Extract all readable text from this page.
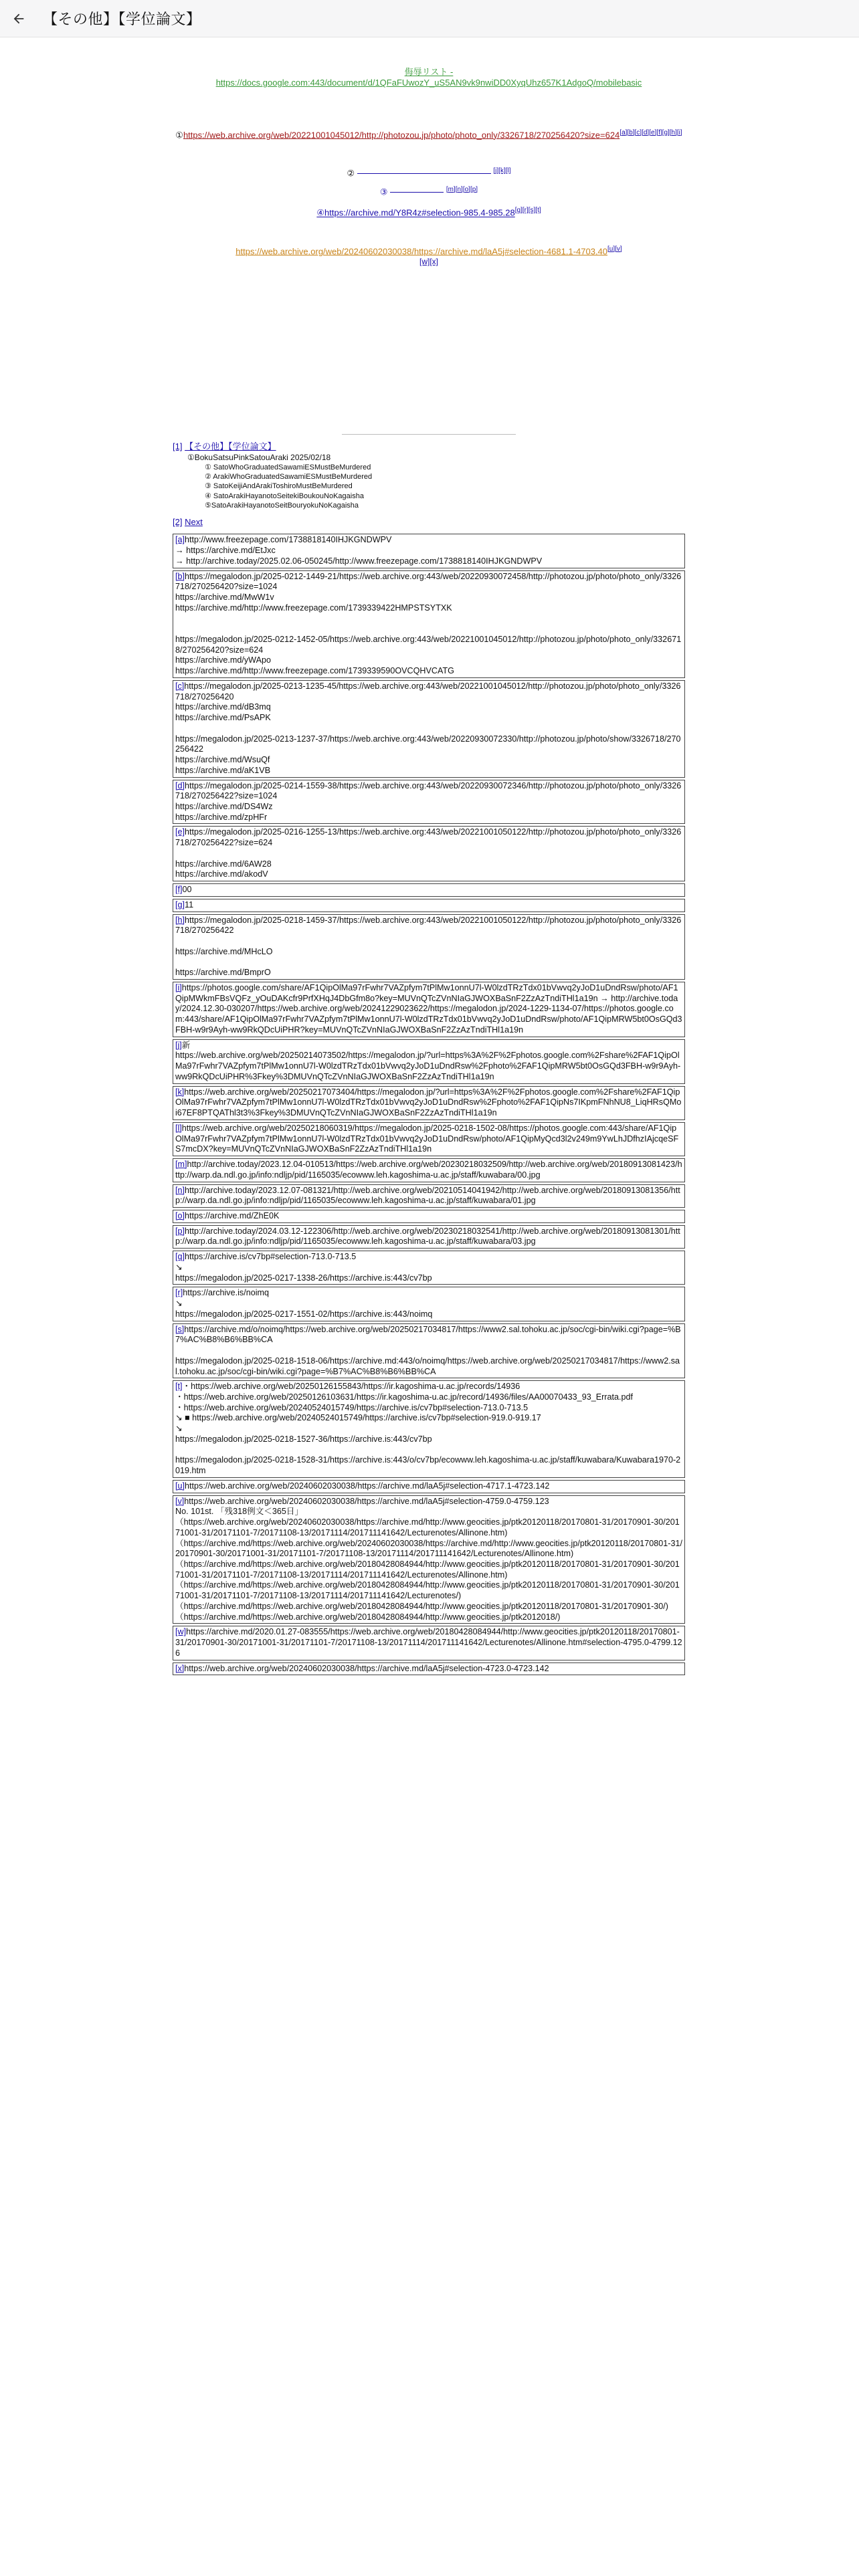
【その他】【学位論文】
侮辱リスト -
https://docs.google.com:443/document/d/1QFaFUwozY_uS5AN9vk9nwiDD0XyqUhz657K1AdgoQ/mobilebasic
①https://web.archive.org/web/20221001045012/http://photozou.jp/photo/photo_only/3326718/270256420?size=624[a][b][c][d][e][f][g][h][i]
②	[j][k][l]
③	[m][n][o][p]
④https://archive.md/Y8R4z#selection-985.4-985.28[q][r][s][t]
https://web.archive.org/web/20240602030038/https://archive.md/laA5j#selection-4681.1-4703.40[u][v]
[w][x]
[1] 【その他】【学位論文】
①BokuSatsuPinkSatouAraki 2025/02/18
① SatoWhoGraduatedSawamiESMustBeMurdered
② ArakiWhoGraduatedSawamiESMustBeMurdered
③ SatoKeijiAndArakiToshiroMustBeMurdered
④ SatoArakiHayanotoSeitekiBoukouNoKagaisha
⑤SatoArakiHayanotoSeitBouryokuNoKagaisha
[2] Next
[a]http://www.freezepage.com/1738818140IHJKGNDWPV
→ https://archive.md/EtJxc
→ http://archive.today/2025.02.06-050245/http://www.freezepage.com/1738818140IHJKGNDWPV
[b]https://megalodon.jp/2025-0212-1449-21/https://web.archive.org:443/web/20220930072458/http://photozou.jp/photo/photo_only/3326718/270256420?size=1024
https://archive.md/MwW1v
https://archive.md/http://www.freezepage.com/1739339422HMPSTSYTXK

https://megalodon.jp/2025-0212-1452-05/https://web.archive.org:443/web/20221001045012/http://photozou.jp/photo/photo_only/3326718/270256420?size=624
https://archive.md/yWApo
https://archive.md/http://www.freezepage.com/1739339590OVCQHVCATG
[c]https://megalodon.jp/2025-0213-1235-45/https://web.archive.org:443/web/20221001045012/http://photozou.jp/photo/photo_only/3326718/270256420
https://archive.md/dB3mq
https://archive.md/PsAPK

https://megalodon.jp/2025-0213-1237-37/https://web.archive.org:443/web/20220930072330/http://photozou.jp/photo/show/3326718/270256422
https://archive.md/WsuQf
https://archive.md/aK1VB
[d]https://megalodon.jp/2025-0214-1559-38/https://web.archive.org:443/web/20220930072346/http://photozou.jp/photo/photo_only/3326718/270256422?size=1024
https://archive.md/DS4Wz
https://archive.md/zpHFr
[e]https://megalodon.jp/2025-0216-1255-13/https://web.archive.org:443/web/20221001050122/http://photozou.jp/photo/photo_only/3326718/270256422?size=624

https://archive.md/6AW28
https://archive.md/akodV
[f]00
[g]11
[h]https://megalodon.jp/2025-0218-1459-37/https://web.archive.org:443/web/20221001050122/http://photozou.jp/photo/photo_only/3326718/270256422

https://archive.md/MHcLO

https://archive.md/BmprO
[i]https://photos.google.com/share/AF1QipOlMa97rFwhr7VAZpfym7tPlMw1onnU7l-W0lzdTRzTdx01bVwvq2yJoD1uDndRsw/photo/AF1QipMWkmFBsVQFz_yOuDAKcfr9PrfXHqJ4DbGfm8o?key=MUVnQTcZVnNIaGJWOXBaSnF2ZzAzTndiTHl1a19n → http://archive.today/2024.12.30-030207/https://web.archive.org/web/20241229023622/https://megalodon.jp/2024-1229-1134-07/https://photos.google.com:443/share/AF1QipOlMa97rFwhr7VAZpfym7tPlMw1onnU7l-W0lzdTRzTdx01bVwvq2yJoD1uDndRsw/photo/AF1QipMRW5bt0OsGQd3FBH-w9r9Ayh-ww9RkQDcUiPHR?key=MUVnQTcZVnNIaGJWOXBaSnF2ZzAzTndiTHl1a19n
[j]新
https://web.archive.org/web/20250214073502/https://megalodon.jp/?url=https%3A%2F%2Fphotos.google.com%2Fshare%2FAF1QipOlMa97rFwhr7VAZpfym7tPlMw1onnU7l-W0lzdTRzTdx01bVwvq2yJoD1uDndRsw%2Fphoto%2FAF1QipMRW5bt0OsGQd3FBH-w9r9Ayh-ww9RkQDcUiPHR%3Fkey%3DMUVnQTcZVnNIaGJWOXBaSnF2ZzAzTndiTHl1a19n
[k]https://web.archive.org/web/20250217073404/https://megalodon.jp/?url=https%3A%2F%2Fphotos.google.com%2Fshare%2FAF1QipOlMa97rFwhr7VAZpfym7tPlMw1onnU7l-W0lzdTRzTdx01bVwvq2yJoD1uDndRsw%2Fphoto%2FAF1QipNs7IKpmFNhNU8_LiqHRsQMoi67EF8PTQAThl3t3%3Fkey%3DMUVnQTcZVnNIaGJWOXBaSnF2ZzAzTndiTHl1a19n
[l]https://web.archive.org/web/20250218060319/https://megalodon.jp/2025-0218-1502-08/https://photos.google.com:443/share/AF1QipOlMa97rFwhr7VAZpfym7tPlMw1onnU7l-W0lzdTRzTdx01bVwvq2yJoD1uDndRsw/photo/AF1QipMyQcd3l2v249m9YwLhJDfhzIAjcqeSFS7mcDX?key=MUVnQTcZVnNIaGJWOXBaSnF2ZzAzTndiTHl1a19n
[m]http://archive.today/2023.12.04-010513/https://web.archive.org/web/20230218032509/http://web.archive.org/web/20180913081423/http://warp.da.ndl.go.jp/info:ndljp/pid/1165035/ecowww.leh.kagoshima-u.ac.jp/staff/kuwabara/00.jpg
[n]http://archive.today/2023.12.07-081321/http://web.archive.org/web/20210514041942/http://web.archive.org/web/20180913081356/http://warp.da.ndl.go.jp/info:ndljp/pid/1165035/ecowww.leh.kagoshima-u.ac.jp/staff/kuwabara/01.jpg
[o]https://archive.md/ZhE0K
[p]http://archive.today/2024.03.12-122306/http://web.archive.org/web/20230218032541/http://web.archive.org/web/20180913081301/http://warp.da.ndl.go.jp/info:ndljp/pid/1165035/ecowww.leh.kagoshima-u.ac.jp/staff/kuwabara/03.jpg
[q]https://archive.is/cv7bp#selection-713.0-713.5
↘
https://megalodon.jp/2025-0217-1338-26/https://archive.is:443/cv7bp
[r]https://archive.is/noimq
↘
https://megalodon.jp/2025-0217-1551-02/https://archive.is:443/noimq
[s]https://archive.md/o/noimq/https://web.archive.org/web/20250217034817/https://www2.sal.tohoku.ac.jp/soc/cgi-bin/wiki.cgi?page=%B7%AC%B8%B6%BB%CA

https://megalodon.jp/2025-0218-1518-06/https://archive.md:443/o/noimq/https://web.archive.org/web/20250217034817/https://www2.sal.tohoku.ac.jp/soc/cgi-bin/wiki.cgi?page=%B7%AC%B8%B6%BB%CA
[t]・https://web.archive.org/web/20250126155843/https://ir.kagoshima-u.ac.jp/records/14936
・https://web.archive.org/web/20250126103631/https://ir.kagoshima-u.ac.jp/record/14936/files/AA00070433_93_Errata.pdf
・https://web.archive.org/web/20240524015749/https://archive.is/cv7bp#selection-713.0-713.5
↘ ■ https://web.archive.org/web/20240524015749/https://archive.is/cv7bp#selection-919.0-919.17
↘
https://megalodon.jp/2025-0218-1527-36/https://archive.is:443/cv7bp

https://megalodon.jp/2025-0218-1528-31/https://archive.is:443/o/cv7bp/ecowww.leh.kagoshima-u.ac.jp/staff/kuwabara/Kuwabara1970-2019.htm
[u]https://web.archive.org/web/20240602030038/https://archive.md/laA5j#selection-4717.1-4723.142
[v]https://web.archive.org/web/20240602030038/https://archive.md/laA5j#selection-4759.0-4759.123
No. 101st. 「残318例文＜365日」
（https://web.archive.org/web/20240602030038/https://archive.md/http://www.geocities.jp/ptk20120118/20170801-31/20170901-30/20171001-31/20171101-7/20171108-13/20171114/201711141642/Lecturenotes/Allinone.htm)
（https://archive.md/https://web.archive.org/web/20240602030038/https://archive.md/http://www.geocities.jp/ptk20120118/20170801-31/20170901-30/20171001-31/20171101-7/20171108-13/20171114/201711141642/Lecturenotes/Allinone.htm)
（https://archive.md/https://web.archive.org/web/20180428084944/http://www.geocities.jp/ptk20120118/20170801-31/20170901-30/20171001-31/20171101-7/20171108-13/20171114/201711141642/Lecturenotes/Allinone.htm)
（https://archive.md/https://web.archive.org/web/20180428084944/http://www.geocities.jp/ptk20120118/20170801-31/20170901-30/20171001-31/20171101-7/20171108-13/20171114/201711141642/Lecturenotes/)
（https://archive.md/https://web.archive.org/web/20180428084944/http://www.geocities.jp/ptk20120118/20170801-31/20170901-30/)
（https://archive.md/https://web.archive.org/web/20180428084944/http://www.geocities.jp/ptk2012018/)
[w]https://archive.md/2020.01.27-083555/https://web.archive.org/web/20180428084944/http://www.geocities.jp/ptk20120118/20170801-31/20170901-30/20171001-31/20171101-7/20171108-13/20171114/201711141642/Lecturenotes/Allinone.htm#selection-4795.0-4799.126
[x]https://web.archive.org/web/20240602030038/https://archive.md/laA5j#selection-4723.0-4723.142
